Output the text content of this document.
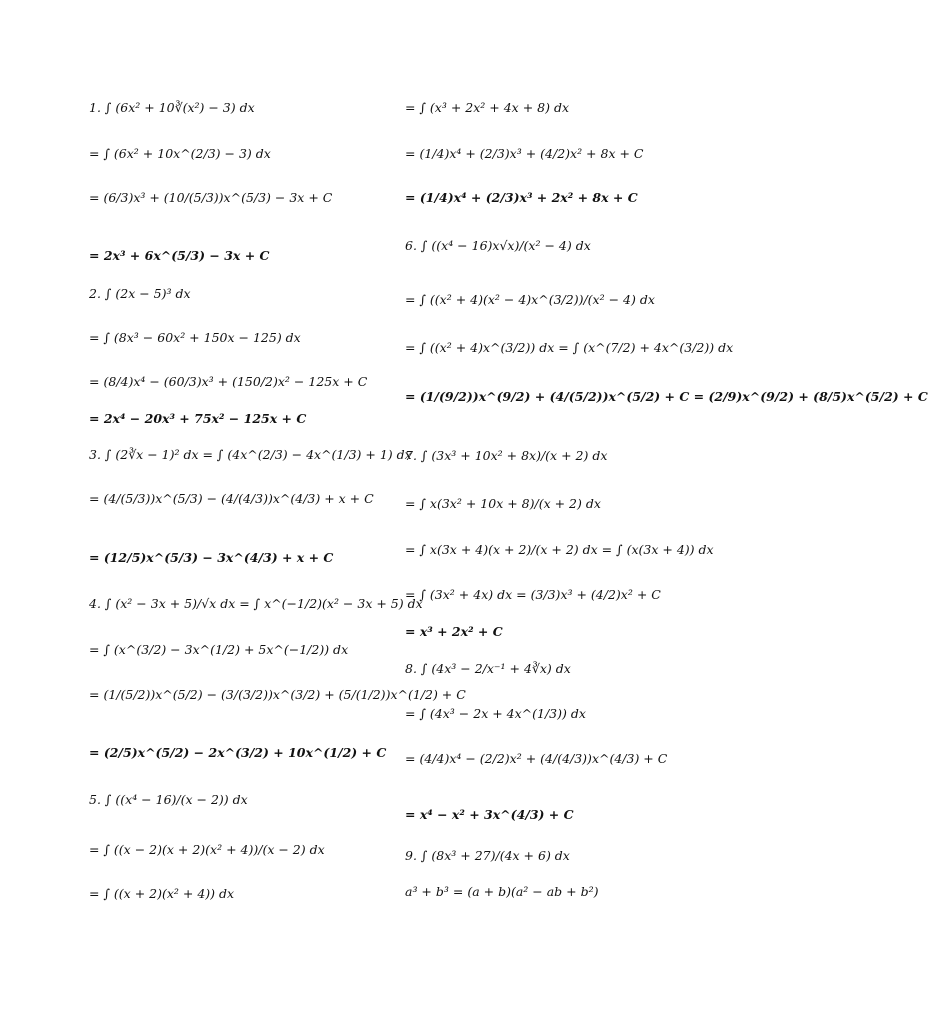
1. ∫ (6x² + 10∛(x²) − 3) dx
= ∫ (6x² + 10x^(2/3) − 3) dx
= (6/3)x³ + (10/(5/3))x^(5/3) − 3x + C
= 2x³ + 6x^(5/3) − 3x + C
2. ∫ (2x − 5)³ dx
= ∫ (8x³ − 60x² + 150x − 125) dx
= (8/4)x⁴ − (60/3)x³ + (150/2)x² − 125x + C
= 2x⁴ − 20x³ + 75x² − 125x + C
3. ∫ (2∛x − 1)² dx = ∫ (4x^(2/3) − 4x^(1/3) + 1) dx
= (4/(5/3))x^(5/3) − (4/(4/3))x^(4/3) + x + C
= (12/5)x^(5/3) − 3x^(4/3) + x + C
4. ∫ (x² − 3x + 5)/√x dx = ∫ x^(−1/2)(x² − 3x + 5) dx
= ∫ (x^(3/2) − 3x^(1/2) + 5x^(−1/2)) dx
= (1/(5/2))x^(5/2) − (3/(3/2))x^(3/2) + (5/(1/2))x^(1/2) + C
= (2/5)x^(5/2) − 2x^(3/2) + 10x^(1/2) + C
5. ∫ ((x⁴ − 16)/(x − 2)) dx
= ∫ ((x − 2)(x + 2)(x² + 4))/(x − 2) dx
= ∫ ((x + 2)(x² + 4)) dx
= ∫ (x³ + 2x² + 4x + 8) dx
= (1/4)x⁴ + (2/3)x³ + (4/2)x² + 8x + C
= (1/4)x⁴ + (2/3)x³ + 2x² + 8x + C
6. ∫ ((x⁴ − 16)x√x)/(x² − 4) dx
= ∫ ((x² + 4)(x² − 4)x^(3/2))/(x² − 4) dx
= ∫ ((x² + 4)x^(3/2)) dx = ∫ (x^(7/2) + 4x^(3/2)) dx
= (1/(9/2))x^(9/2) + (4/(5/2))x^(5/2) + C = (2/9)x^(9/2) + (8/5)x^(5/2) + C
7. ∫ (3x³ + 10x² + 8x)/(x + 2) dx
= ∫ x(3x² + 10x + 8)/(x + 2) dx
= ∫ x(3x + 4)(x + 2)/(x + 2) dx = ∫ (x(3x + 4)) dx
= ∫ (3x² + 4x) dx = (3/3)x³ + (4/2)x² + C
= x³ + 2x² + C
8. ∫ (4x³ − 2/x⁻¹ + 4∛x) dx
= ∫ (4x³ − 2x + 4x^(1/3)) dx
= (4/4)x⁴ − (2/2)x² + (4/(4/3))x^(4/3) + C
= x⁴ − x² + 3x^(4/3) + C
9. ∫ (8x³ + 27)/(4x + 6) dx
a³ + b³ = (a + b)(a² − ab + b²)
